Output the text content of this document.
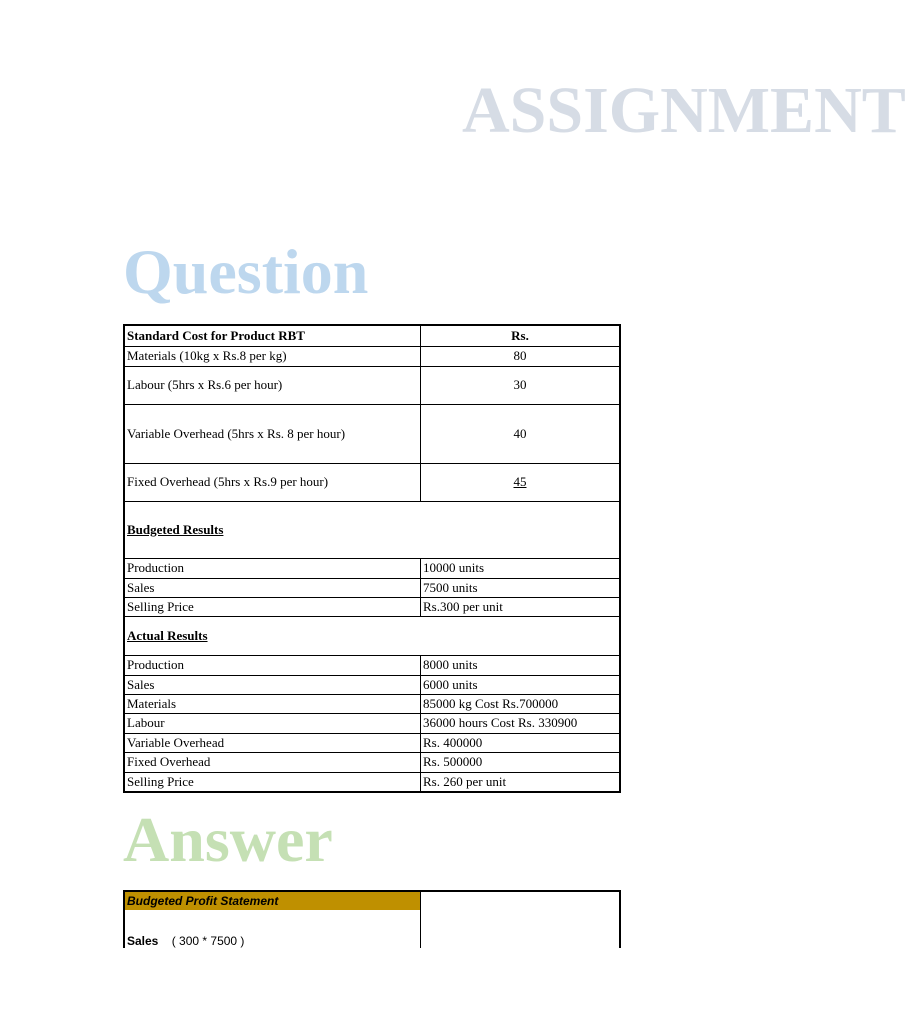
ASSIGNMENT
Question
Standard Cost for Product RBT	Rs.
Materials (10kg x Rs.8 per kg)	80
Labour (5hrs x Rs.6 per hour)	30
Variable Overhead (5hrs x Rs. 8 per hour)	40
Fixed Overhead (5hrs x Rs.9 per hour)	45
Budgeted Results	
Production	10000 units
Sales	7500 units
Selling Price	Rs.300 per unit
Actual Results	
Production	8000 units
Sales	6000 units
Materials	85000 kg Cost Rs.700000
Labour	36000 hours Cost Rs. 330900
Variable Overhead	Rs. 400000
Fixed Overhead	Rs. 500000
Selling Price	Rs. 260 per unit
Answer
Budgeted Profit Statement	
Sales ( 300 * 7500 )	
